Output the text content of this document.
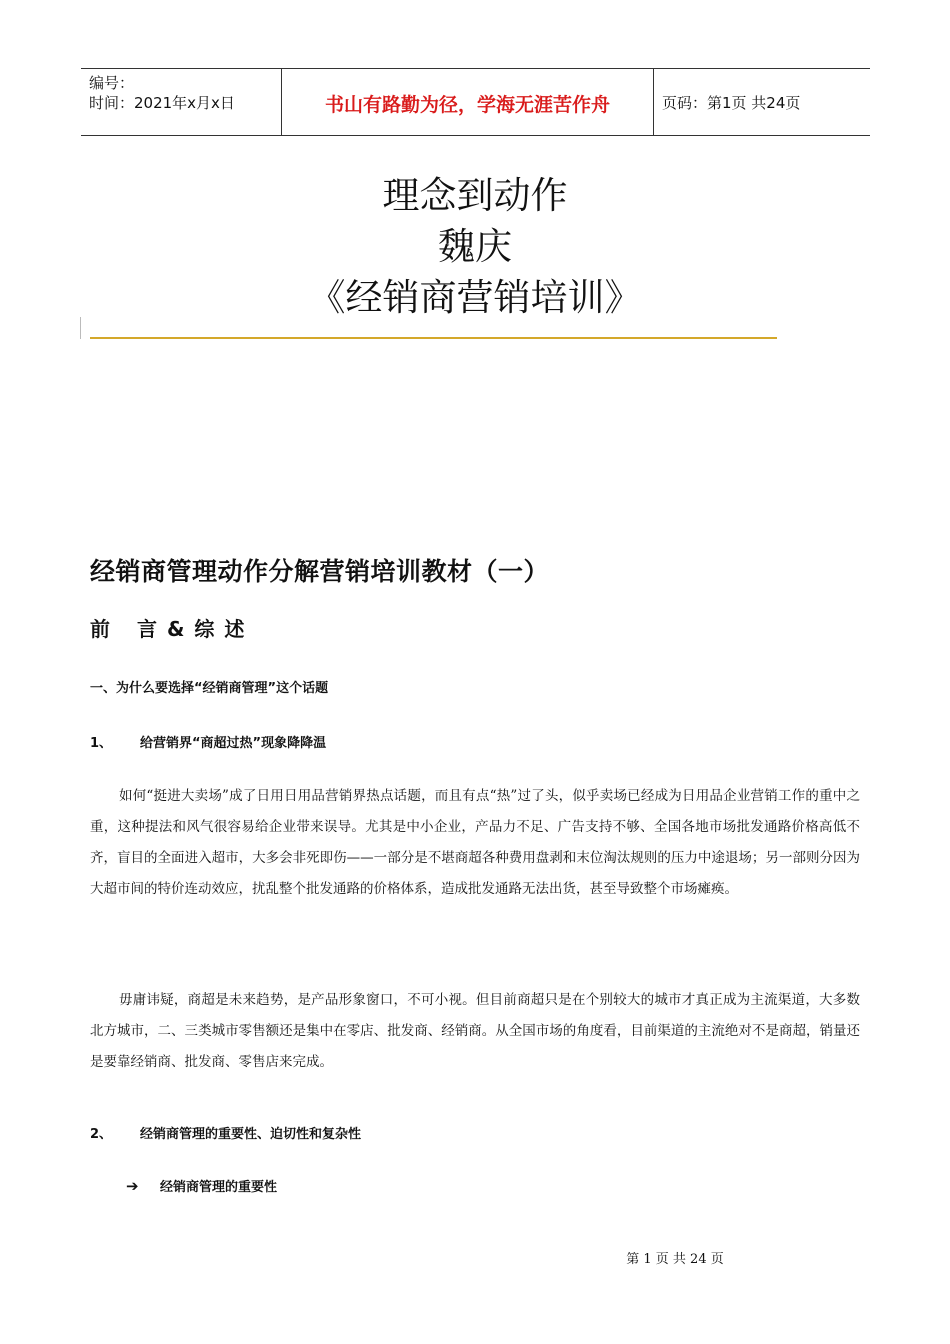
编号：
时间：2021年x月x日	书山有路勤为径，学海无涯苦作舟	页码：第1页 共24页
理念到动作
魏庆
《经销商营销培训》
经销商管理动作分解营销培训教材（一）
前 言&综述
一、为什么要选择“经销商管理”这个话题
1、	给营销界“商超过热”现象降降温

如何“挺进大卖场”成了日用日用品营销界热点话题，而且有点“热”过了头，似乎卖场已经成为日用品企业营销工作的重中之重，这种提法和风气很容易给企业带来误导。尤其是中小企业，产品力不足、广告支持不够、全国各地市场批发通路价格高低不齐，盲目的全面进入超市，大多会非死即伤——一部分是不堪商超各种费用盘剥和末位淘汰规则的压力中途退场；另一部则分因为大超市间的特价连动效应，扰乱整个批发通路的价格体系，造成批发通路无法出货，甚至导致整个市场瘫痪。

毋庸讳疑，商超是未来趋势，是产品形象窗口，不可小视。但目前商超只是在个别较大的城市才真正成为主流渠道，大多数北方城市，二、三类城市零售额还是集中在零店、批发商、经销商。从全国市场的角度看，目前渠道的主流绝对不是商超，销量还是要靠经销商、批发商、零售店来完成。

2、	经销商管理的重要性、迫切性和复杂性
➔	经销商管理的重要性
第 1 页 共 24 页
